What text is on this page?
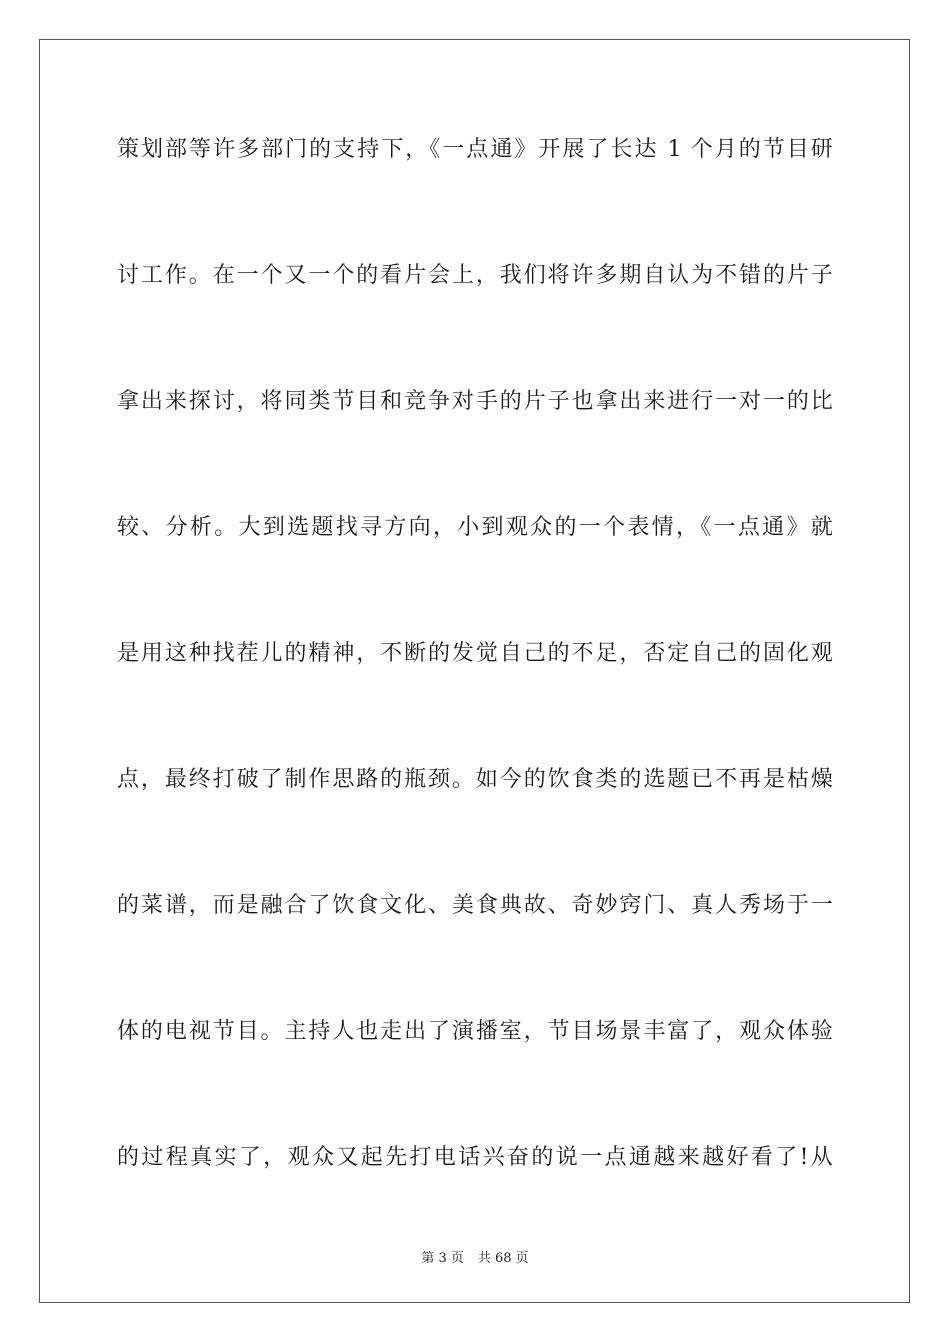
策划部等许多部门的支持下，《一点通》开展了长达 1 个月的节目研
讨工作。在一个又一个的看片会上，我们将许多期自认为不错的片子
拿出来探讨，将同类节目和竞争对手的片子也拿出来进行一对一的比
较、分析。大到选题找寻方向，小到观众的一个表情，《一点通》就
是用这种找茬儿的精神，不断的发觉自己的不足，否定自己的固化观
点，最终打破了制作思路的瓶颈。如今的饮食类的选题已不再是枯燥
的菜谱，而是融合了饮食文化、美食典故、奇妙窍门、真人秀场于一
体的电视节目。主持人也走出了演播室，节目场景丰富了，观众体验
的过程真实了，观众又起先打电话兴奋的说一点通越来越好看了!从
第 3 页 共 68 页
